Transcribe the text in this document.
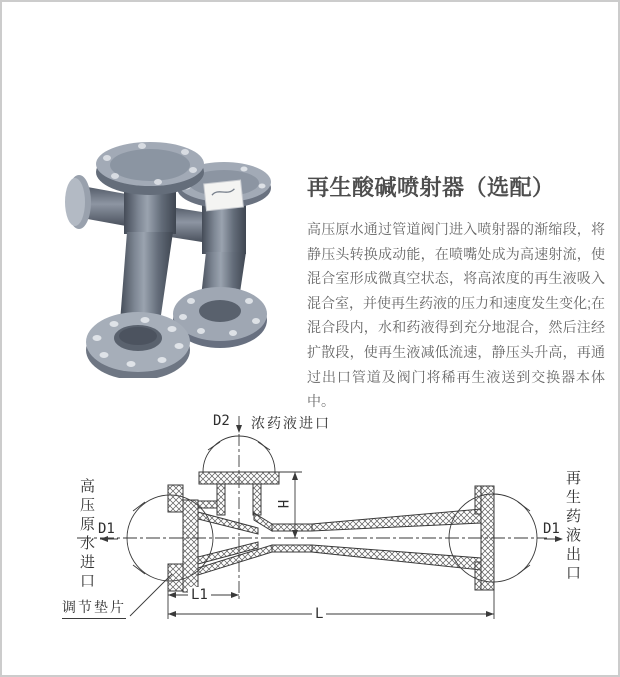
再生酸碱喷射器（选配）

高压原水通过管道阀门进入喷射器的渐缩段，将静压头转换成动能，在喷嘴处成为高速射流，使混合室形成微真空状态，将高浓度的再生液吸入混合室，并使再生药液的压力和速度发生变化;在混合段内，水和药液得到充分地混合，然后注经扩散段，使再生液减低流速，静压头升高，再通过出口管道及阀门将稀再生液送到交换器本体中。

D2 浓药液进口
D1	D1
H
L1
L
调节垫片
高压原水进口	再生药液出口
